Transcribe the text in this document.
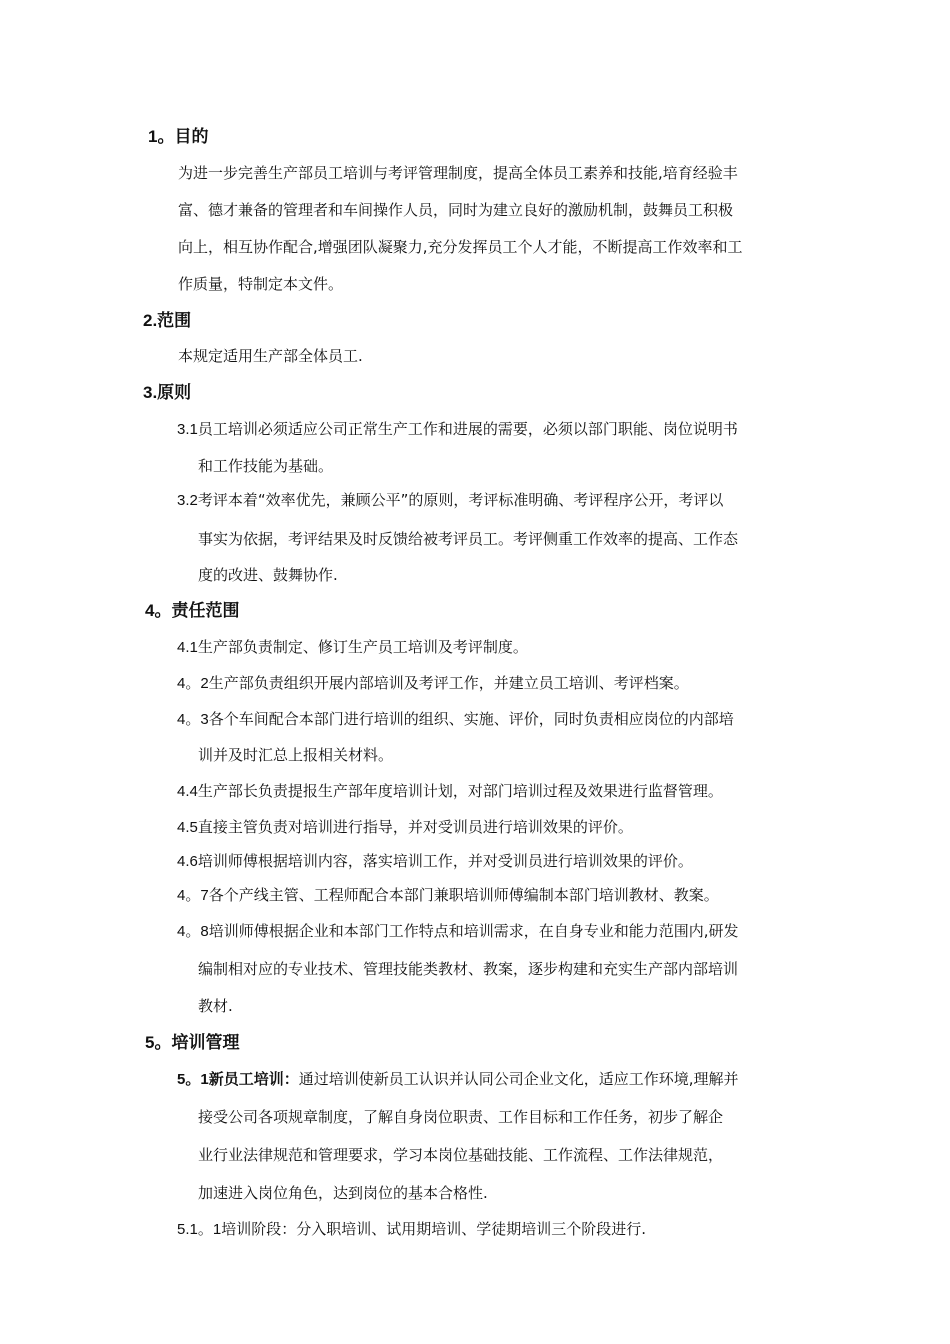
1。目的
为进一步完善生产部员工培训与考评管理制度，提高全体员工素养和技能,培育经验丰
富、德才兼备的管理者和车间操作人员，同时为建立良好的激励机制，鼓舞员工积极
向上，相互协作配合,增强团队凝聚力,充分发挥员工个人才能，不断提高工作效率和工
作质量，特制定本文件。
2.范围
本规定适用生产部全体员工.
3.原则
3.1员工培训必须适应公司正常生产工作和进展的需要，必须以部门职能、岗位说明书
和工作技能为基础。
3.2考评本着“效率优先，兼顾公平”的原则，考评标准明确、考评程序公开，考评以
事实为依据，考评结果及时反馈给被考评员工。考评侧重工作效率的提高、工作态
度的改进、鼓舞协作.
4。责任范围
4.1生产部负责制定、修订生产员工培训及考评制度。
4。2生产部负责组织开展内部培训及考评工作，并建立员工培训、考评档案。
4。3各个车间配合本部门进行培训的组织、实施、评价，同时负责相应岗位的内部培
训并及时汇总上报相关材料。
4.4生产部长负责提报生产部年度培训计划，对部门培训过程及效果进行监督管理。
4.5直接主管负责对培训进行指导，并对受训员进行培训效果的评价。
4.6培训师傅根据培训内容，落实培训工作，并对受训员进行培训效果的评价。
4。7各个产线主管、工程师配合本部门兼职培训师傅编制本部门培训教材、教案。
4。8培训师傅根据企业和本部门工作特点和培训需求，在自身专业和能力范围内,研发
编制相对应的专业技术、管理技能类教材、教案，逐步构建和充实生产部内部培训
教材.
5。培训管理
5。1新员工培训：通过培训使新员工认识并认同公司企业文化，适应工作环境,理解并
接受公司各项规章制度，了解自身岗位职责、工作目标和工作任务，初步了解企
业行业法律规范和管理要求，学习本岗位基础技能、工作流程、工作法律规范，
加速进入岗位角色，达到岗位的基本合格性.
5.1。1培训阶段：分入职培训、试用期培训、学徒期培训三个阶段进行.
